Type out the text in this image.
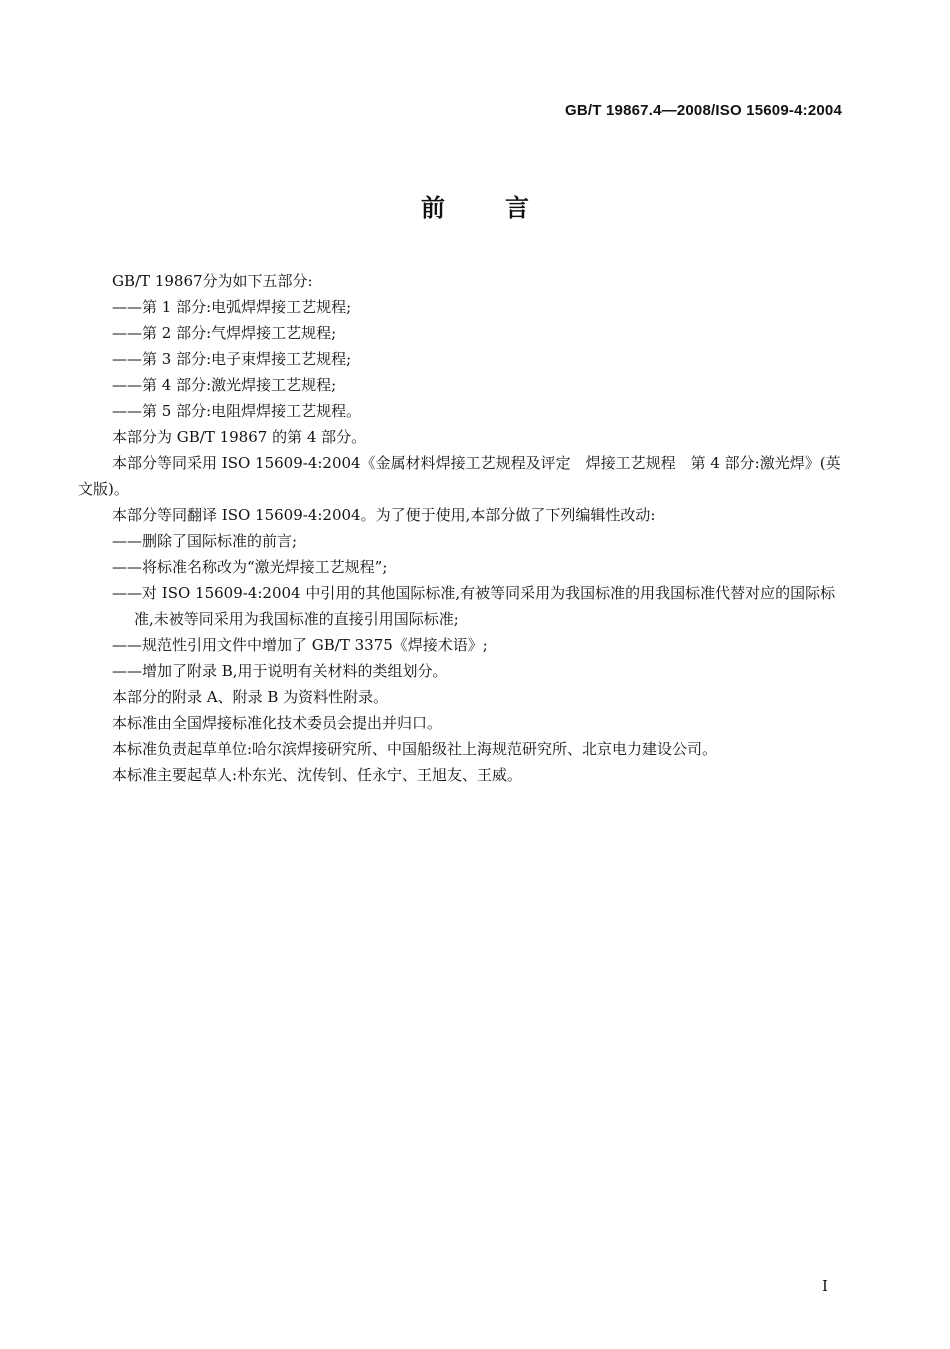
GB/T 19867.4—2008/ISO 15609-4:2004
前言

GB/T 19867分为如下五部分:

——第 1 部分:电弧焊焊接工艺规程;

——第 2 部分:气焊焊接工艺规程;

——第 3 部分:电子束焊接工艺规程;

——第 4 部分:激光焊接工艺规程;

——第 5 部分:电阻焊焊接工艺规程。

本部分为 GB/T 19867 的第 4 部分。

本部分等同采用 ISO 15609-4:2004《金属材料焊接工艺规程及评定　焊接工艺规程　第 4 部分:激光焊》(英文版)。

本部分等同翻译 ISO 15609-4:2004。为了便于使用,本部分做了下列编辑性改动:

——删除了国际标准的前言;

——将标准名称改为“激光焊接工艺规程”;

——对 ISO 15609-4:2004 中引用的其他国际标准,有被等同采用为我国标准的用我国标准代替对应的国际标准,未被等同采用为我国标准的直接引用国际标准;

——规范性引用文件中增加了 GB/T 3375《焊接术语》;

——增加了附录 B,用于说明有关材料的类组划分。

本部分的附录 A、附录 B 为资料性附录。

本标准由全国焊接标准化技术委员会提出并归口。

本标准负责起草单位:哈尔滨焊接研究所、中国船级社上海规范研究所、北京电力建设公司。

本标准主要起草人:朴东光、沈传钊、任永宁、王旭友、王威。

I
